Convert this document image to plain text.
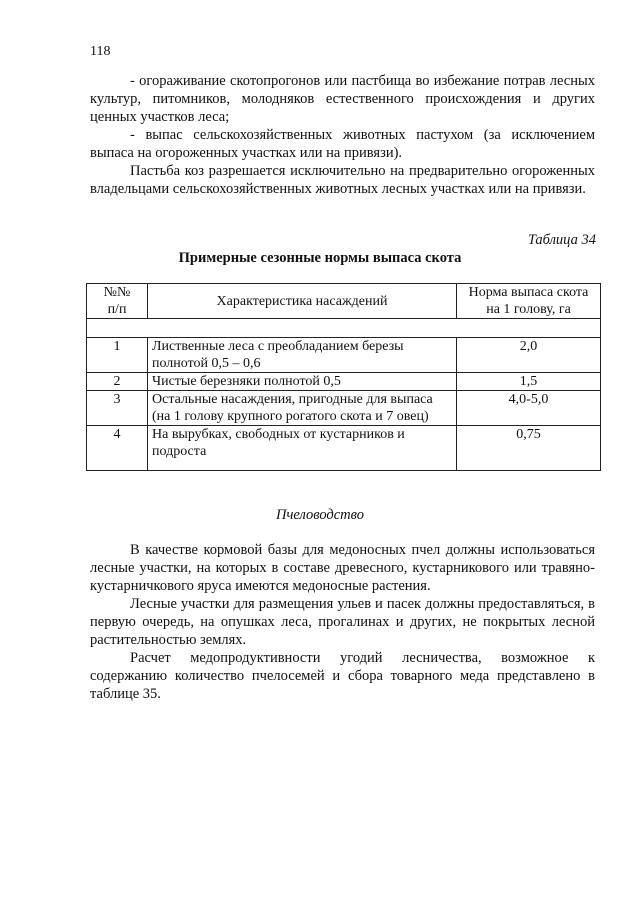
118

- огораживание скотопрогонов или пастбища во избежание потрав лесных культур, питомников, молодняков естественного происхождения и других ценных участков леса;

- выпас сельскохозяйственных животных пастухом (за исключением выпаса на огороженных участках или на привязи).

Пастьба коз разрешается исключительно на предварительно огороженных владельцами сельскохозяйственных животных лесных участках или на привязи.

Таблица 34
Примерные сезонные нормы выпаса скота
№№ п/п	Характеристика насаждений	Норма выпаса скота на 1 голову, га

1	Лиственные леса с преобладанием березы полнотой 0,5 – 0,6	2,0
2	Чистые березняки полнотой 0,5	1,5
3	Остальные насаждения, пригодные для выпаса (на 1 голову крупного рогатого скота и 7 овец)	4,0-5,0
4	На вырубках, свободных от кустарников и подроста	0,75
Пчеловодство

В качестве кормовой базы для медоносных пчел должны использоваться лесные участки, на которых в составе древесного, кустарникового или травяно-кустарничкового яруса имеются медоносные растения.

Лесные участки для размещения ульев и пасек должны предоставляться, в первую очередь, на опушках леса, прогалинах и других, не покрытых лесной растительностью землях.

Расчет медопродуктивности угодий лесничества, возможное к содержанию количество пчелосемей и сбора товарного меда представлено в таблице 35.
